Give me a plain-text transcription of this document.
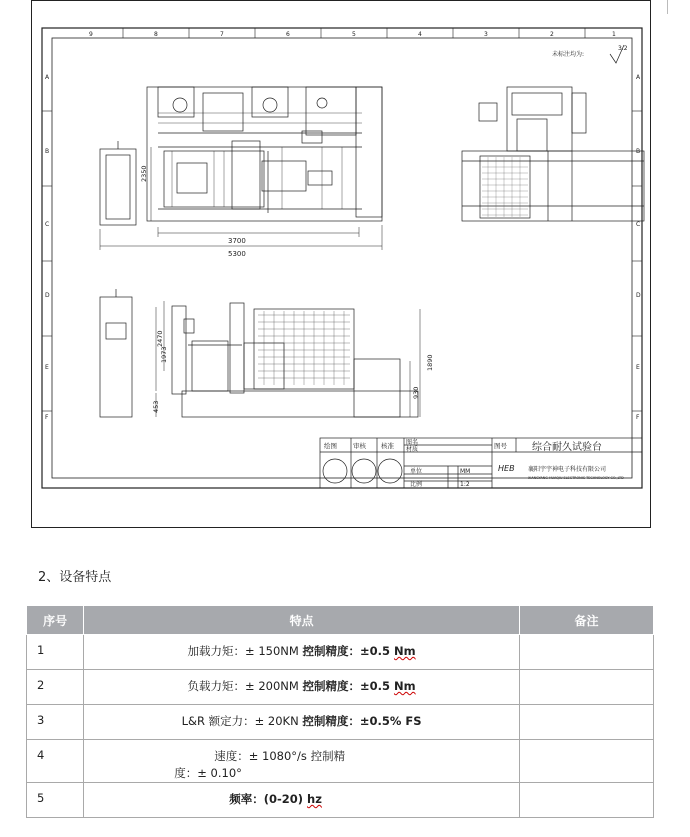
9	8	7	6	5	4	3	2	1
A
B
C
D
E
F
A
B
C
D
E
F
未标注均为:
3.2
2350
3700
5300
1973
453
2470
1890
930
绘图 审核 核准 图名
材质	图号
单位	MM
比例	1:2
综合耐久试验台
HEB 襄阳宇宇神电子科技有限公司
XIANGYANG HUAQIU ELECTRONIC TECHNOLOGY CO.,LTD
2、设备特点
序号	特点	备注
1	加载力矩：± 150NM 控制精度：±0.5 Nm	
2	负载力矩：± 200NM 控制精度：±0.5 Nm	
3	L&R 额定力：± 20KN 控制精度：±0.5% FS	
4	速度：± 1080°/s 控制精
度：± 0.10°	
5	频率：(0-20) hz	
